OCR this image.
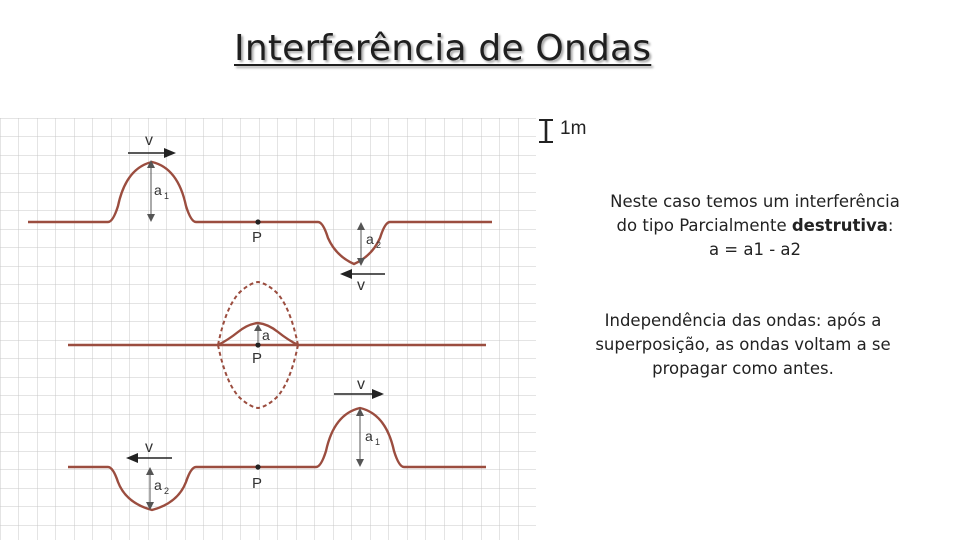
Interferência de Ondas
v
a 1
P	a 2
v
a
P
v
a 1
P
v
a 2
1m
Neste caso temos um interferência
do tipo Parcialmente destrutiva:
a = a1 - a2
Independência das ondas: após a
superposição, as ondas voltam a se
propagar como antes.
